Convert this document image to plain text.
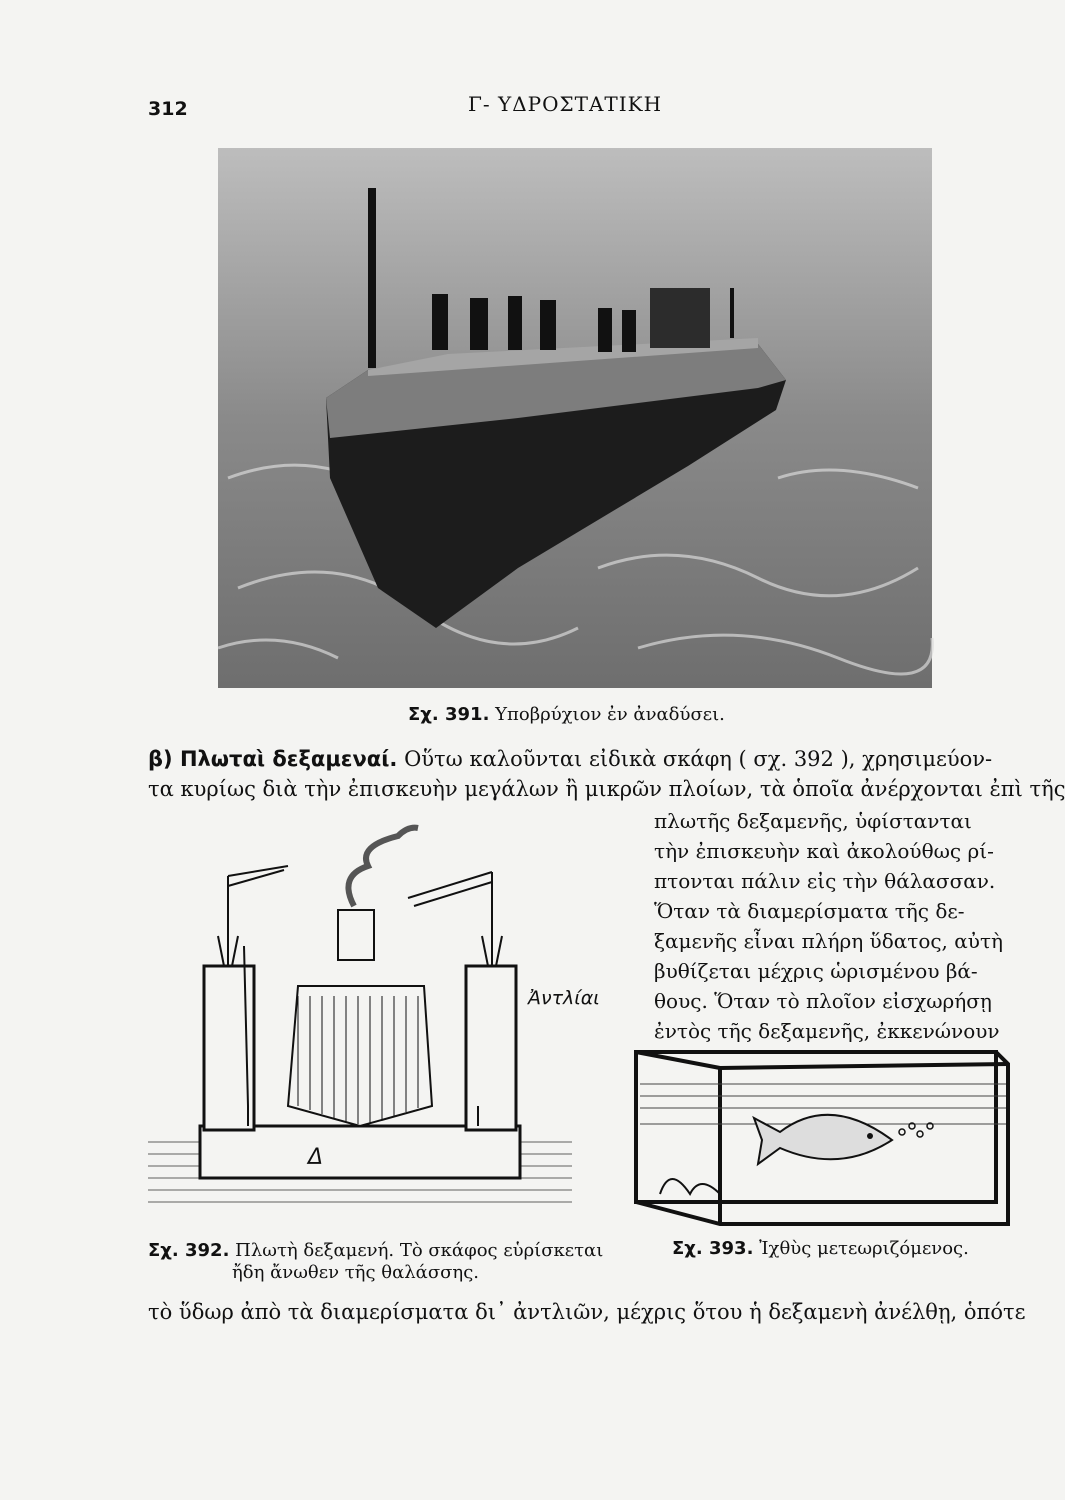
312	Γ- ΥΔΡΟΣΤΑΤΙΚΗ
Σχ. 391. Υποβρύχιον ἐν ἀναδύσει.
β) Πλωταὶ δεξαμεναί. Οὕτω καλοῦνται εἰδικὰ σκάφη ( σχ. 392 ), χρησιμεύον-
τα κυρίως διὰ τὴν ἐπισκευὴν μεγάλων ἢ μικρῶν πλοίων, τὰ ὁποῖα ἀνέρχονται ἐπὶ τῆς
πλωτῆς δεξαμενῆς, ὑφίστανται
τὴν ἐπισκευὴν καὶ ἀκολούθως ρί-
πτονται πάλιν εἰς τὴν θάλασσαν.
Ὅταν τὰ διαμερίσματα τῆς δε-
ξαμενῆς εἶναι πλήρη ὕδατος, αὐτὴ
βυθίζεται μέχρις ὡρισμένου βά-
θους. Ὅταν τὸ πλοῖον εἰσχωρήσῃ
ἐντὸς τῆς δεξαμενῆς, ἐκκενώνουν
Ἀντλίαι
Δ
Σχ. 392. Πλωτὴ δεξαμενή. Τὸ σκάφος εὑρίσκεται
ἤδη ἄνωθεν τῆς θαλάσσης.
Σχ. 393. Ἰχθὺς μετεωριζόμενος.
τὸ ὕδωρ ἀπὸ τὰ διαμερίσματα δι᾿ ἀντλιῶν, μέχρις ὅτου ἡ δεξαμενὴ ἀνέλθῃ, ὁπότε
